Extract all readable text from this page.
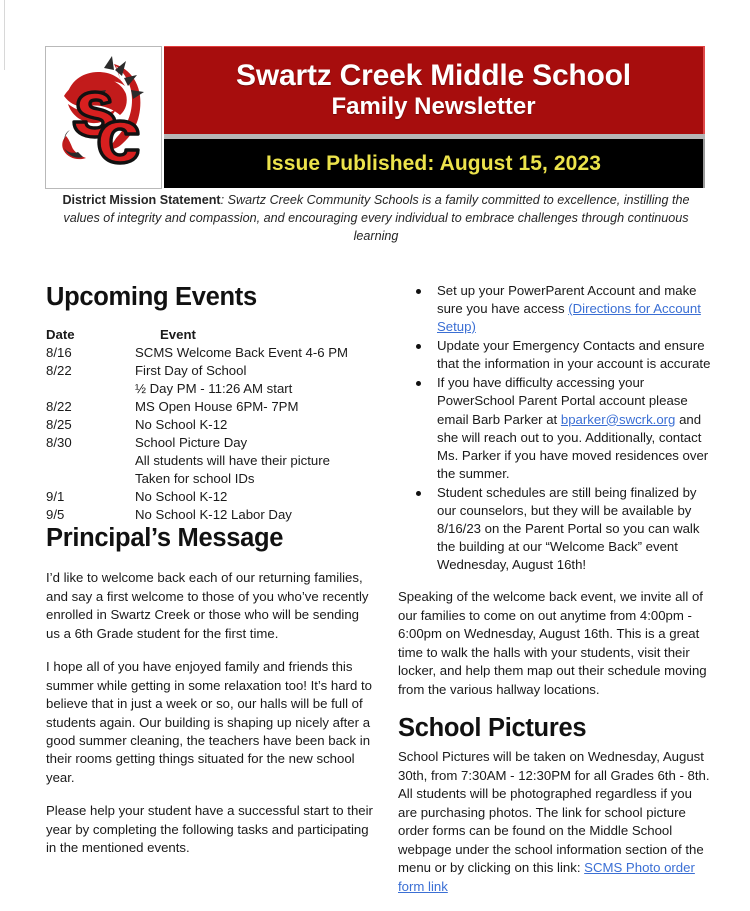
Swartz Creek Middle School
Family Newsletter
Issue Published: August 15, 2023
District Mission Statement: Swartz Creek Community Schools is a family committed to excellence, instilling the values of integrity and compassion, and encouraging every individual to embrace challenges through continuous learning
Upcoming Events
Date	Event
8/16	SCMS Welcome Back Event 4-6 PM
8/22	First Day of School
½ Day PM - 11:26 AM start
8/22	MS Open House 6PM- 7PM
8/25	No School K-12
8/30	School Picture Day
All students will have their picture
Taken for school IDs
9/1	No School K-12
9/5	No School K-12 Labor Day
Principal’s Message

I’d like to welcome back each of our returning families, and say a first welcome to those of you who’ve recently enrolled in Swartz Creek or those who will be sending us a 6th Grade student for the first time.

I hope all of you have enjoyed family and friends this summer while getting in some relaxation too! It’s hard to believe that in just a week or so, our halls will be full of students again. Our building is shaping up nicely after a good summer cleaning, the teachers have been back in their rooms getting things situated for the new school year.

Please help your student have a successful start to their year by completing the following tasks and participating in the mentioned events.

Set up your PowerParent Account and make sure you have access (Directions for Account Setup)
Update your Emergency Contacts and ensure that the information in your account is accurate
If you have difficulty accessing your PowerSchool Parent Portal account please email Barb Parker at bparker@swcrk.org and she will reach out to you. Additionally, contact Ms. Parker if you have moved residences over the summer.
Student schedules are still being finalized by our counselors, but they will be available by 8/16/23 on the Parent Portal so you can walk the building at our “Welcome Back” event Wednesday, August 16th!

Speaking of the welcome back event, we invite all of our families to come on out anytime from 4:00pm - 6:00pm on Wednesday, August 16th. This is a great time to walk the halls with your students, visit their locker, and help them map out their schedule moving from the various hallway locations.

School Pictures

School Pictures will be taken on Wednesday, August 30th, from 7:30AM - 12:30PM for all Grades 6th - 8th. All students will be photographed regardless if you are purchasing photos. The link for school picture order forms can be found on the Middle School webpage under the school information section of the menu or by clicking on this link: SCMS Photo order form link
